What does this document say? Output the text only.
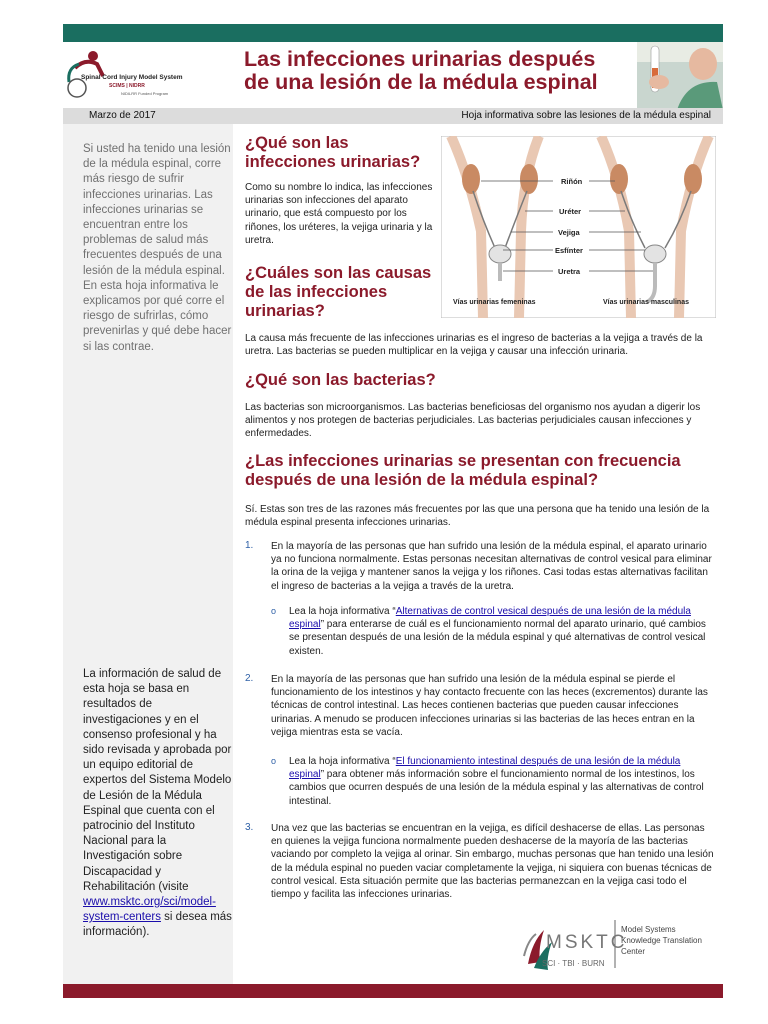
Spinal Cord Injury Model System
SCIMS | NIDRR
NIDILRR Funded Program
Las infecciones urinarias después
de una lesión de la médula espinal
Marzo de 2017	Hoja informativa sobre las lesiones de la médula espinal
Si usted ha tenido una lesión de la médula espinal, corre más riesgo de sufrir infecciones urinarias. Las infecciones urinarias se encuentran entre los problemas de salud más frecuentes después de una lesión de la médula espinal. En esta hoja informativa le explicamos por qué corre el riesgo de sufrirlas, cómo prevenirlas y qué debe hacer si las contrae.
La información de salud de esta hoja se basa en resultados de investigaciones y en el consenso profesional y ha sido revisada y aprobada por un equipo editorial de expertos del Sistema Modelo de Lesión de la Médula Espinal que cuenta con el patrocinio del Instituto Nacional para la Investigación sobre Discapacidad y Rehabilitación (visite www.msktc.org/sci/model-system-centers si desea más información).
¿Qué son las infecciones urinarias?

Como su nombre lo indica, las infecciones urinarias son infecciones del aparato urinario, que está compuesto por los riñones, los uréteres, la vejiga urinaria y la uretra.

¿Cuáles son las causas de las infecciones urinarias?
Riñón
Uréter
Vejiga
Esfínter
Uretra
Vías urinarias femeninas	Vías urinarias masculinas

La causa más frecuente de las infecciones urinarias es el ingreso de bacterias a la vejiga a través de la uretra. Las bacterias se pueden multiplicar en la vejiga y causar una infección urinaria.

¿Qué son las bacterias?

Las bacterias son microorganismos. Las bacterias beneficiosas del organismo nos ayudan a digerir los alimentos y nos protegen de bacterias perjudiciales. Las bacterias perjudiciales causan infecciones y enfermedades.

¿Las infecciones urinarias se presentan con frecuencia después de una lesión de la médula espinal?

Sí. Estas son tres de las razones más frecuentes por las que una persona que ha tenido una lesión de la médula espinal presenta infecciones urinarias.

1. En la mayoría de las personas que han sufrido una lesión de la médula espinal, el aparato urinario ya no funciona normalmente. Estas personas necesitan alternativas de control vesical para eliminar la orina de la vejiga y mantener sanos la vejiga y los riñones. Casi todas estas alternativas facilitan el ingreso de bacterias a la vejiga a través de la uretra.
o Lea la hoja informativa “Alternativas de control vesical después de una lesión de la médula espinal” para enterarse de cuál es el funcionamiento normal del aparato urinario, qué cambios se presentan después de una lesión de la médula espinal y qué alternativas de control vesical existen.
2. En la mayoría de las personas que han sufrido una lesión de la médula espinal se pierde el funcionamiento de los intestinos y hay contacto frecuente con las heces (excrementos) durante las técnicas de control intestinal. Las heces contienen bacterias que pueden causar infecciones urinarias. A menudo se producen infecciones urinarias si las bacterias de las heces entran en la vejiga mientras esta se vacía.
o Lea la hoja informativa “El funcionamiento intestinal después de una lesión de la médula espinal” para obtener más información sobre el funcionamiento normal de los intestinos, los cambios que ocurren después de una lesión de la médula espinal y las alternativas de control intestinal.
3. Una vez que las bacterias se encuentran en la vejiga, es difícil deshacerse de ellas. Las personas en quienes la vejiga funciona normalmente pueden deshacerse de la mayoría de las bacterias vaciando por completo la vejiga al orinar. Sin embargo, muchas personas que han tenido una lesión de la médula espinal no pueden vaciar completamente la vejiga, ni siquiera con buenas técnicas de control vesical. Esta situación permite que las bacterias permanezcan en la vejiga casi todo el tiempo y facilita las infecciones urinarias.
MSKTC
SCI · TBI · BURN
Model Systems
Knowledge Translation
Center
